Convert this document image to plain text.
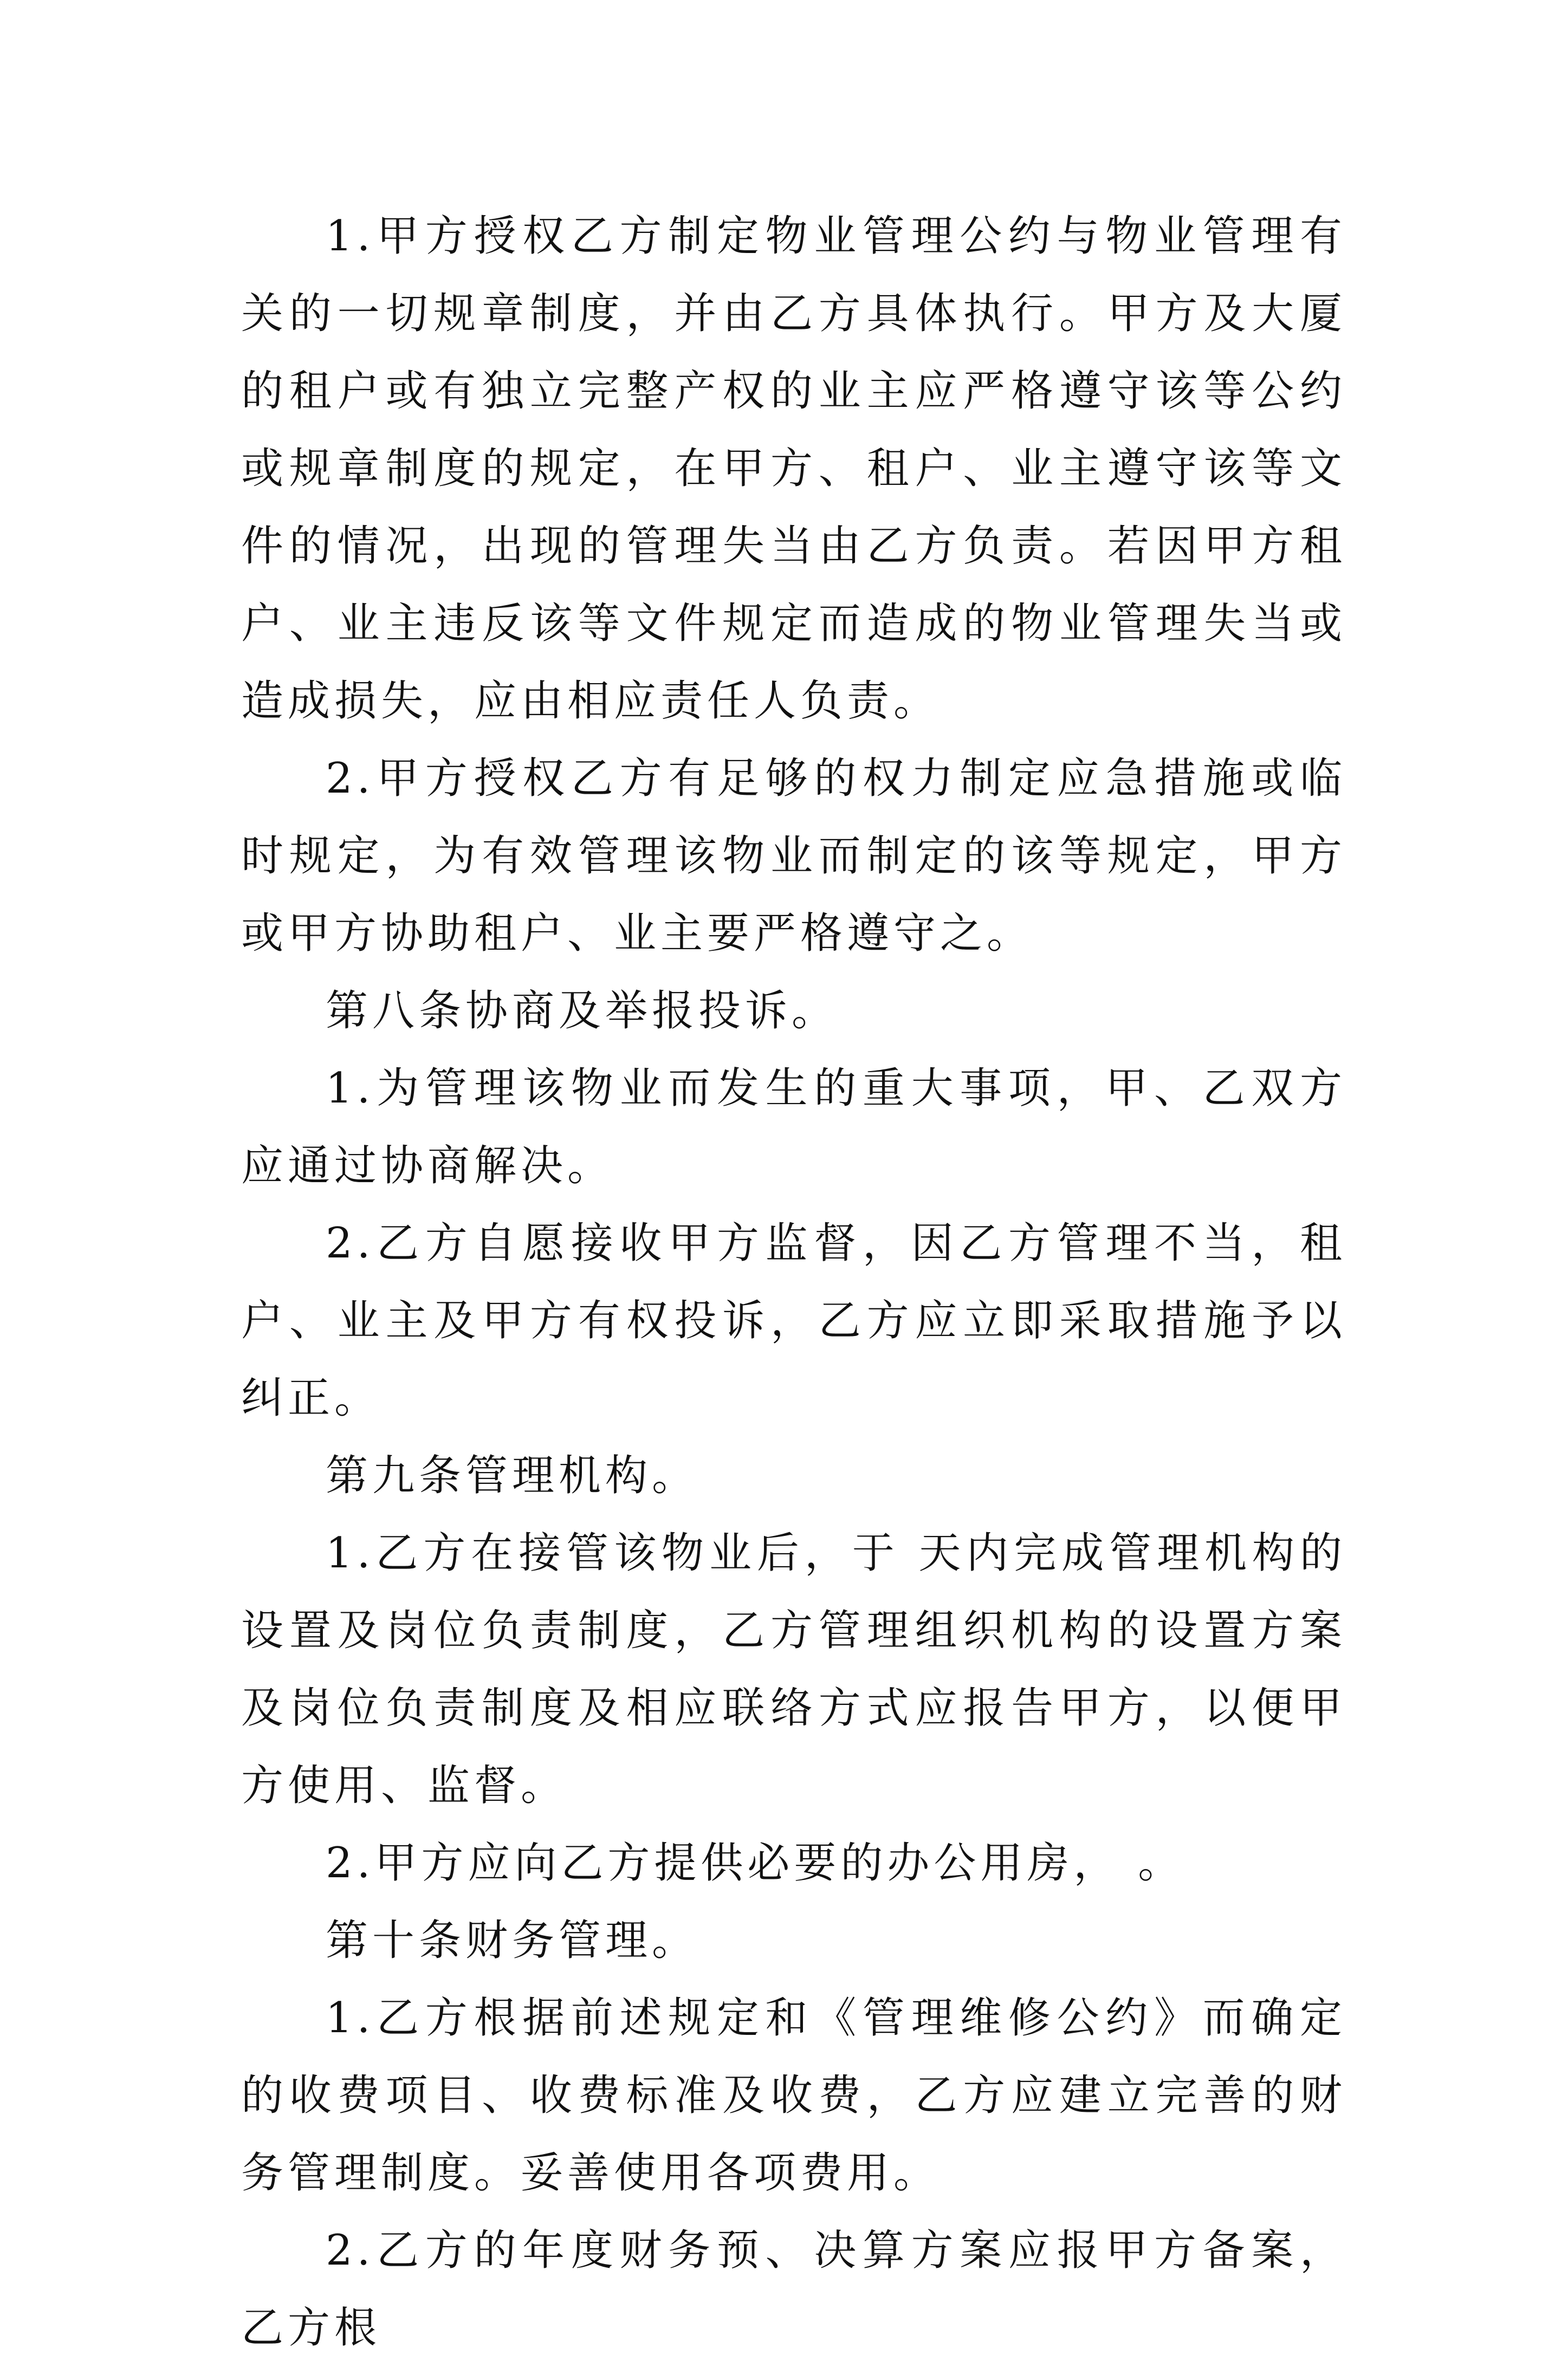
1.甲方授权乙方制定物业管理公约与物业管理有关的一切规章制度，并由乙方具体执行。甲方及大厦的租户或有独立完整产权的业主应严格遵守该等公约或规章制度的规定，在甲方、租户、业主遵守该等文件的情况，出现的管理失当由乙方负责。若因甲方租户、业主违反该等文件规定而造成的物业管理失当或造成损失，应由相应责任人负责。

2.甲方授权乙方有足够的权力制定应急措施或临时规定，为有效管理该物业而制定的该等规定，甲方或甲方协助租户、业主要严格遵守之。

第八条协商及举报投诉。

1.为管理该物业而发生的重大事项，甲、乙双方应通过协商解决。

2.乙方自愿接收甲方监督，因乙方管理不当，租户、业主及甲方有权投诉，乙方应立即采取措施予以纠正。

第九条管理机构。

1.乙方在接管该物业后，于 天内完成管理机构的设置及岗位负责制度，乙方管理组织机构的设置方案及岗位负责制度及相应联络方式应报告甲方，以便甲方使用、监督。

2.甲方应向乙方提供必要的办公用房， 。

第十条财务管理。

1.乙方根据前述规定和《管理维修公约》而确定的收费项目、收费标准及收费，乙方应建立完善的财务管理制度。妥善使用各项费用。

2.乙方的年度财务预、决算方案应报甲方备案，乙方根
